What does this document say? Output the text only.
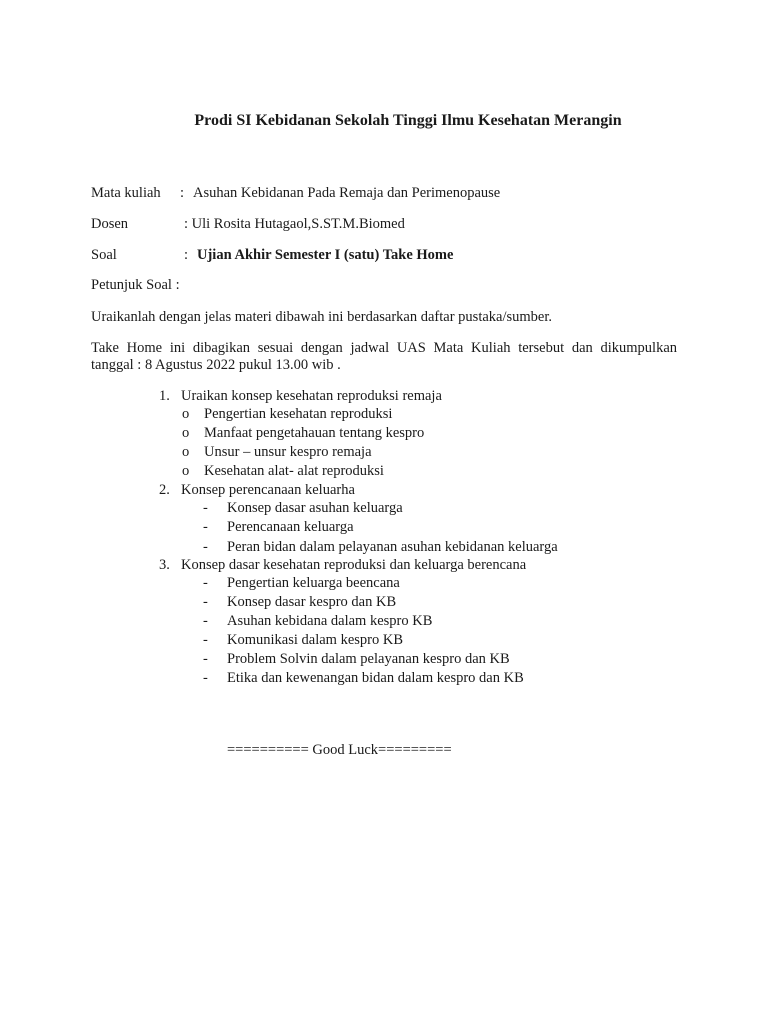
Prodi SI Kebidanan Sekolah Tinggi Ilmu Kesehatan Merangin
Mata kuliah : Asuhan Kebidanan Pada Remaja dan Perimenopause
Dosen	: Uli Rosita Hutagaol,S.ST.M.Biomed
Soal	: Ujian Akhir Semester I (satu) Take Home
Petunjuk Soal :
Uraikanlah dengan jelas materi dibawah ini berdasarkan daftar pustaka/sumber.
Take Home ini dibagikan sesuai dengan jadwal UAS Mata Kuliah tersebut dan dikumpulkan
tanggal : 8 Agustus 2022 pukul 13.00 wib .
1. Uraikan konsep kesehatan reproduksi remaja
o Pengertian kesehatan reproduksi
o Manfaat pengetahauan tentang kespro
o Unsur – unsur kespro remaja
o Kesehatan alat- alat reproduksi
2. Konsep perencanaan keluarha
- Konsep dasar asuhan keluarga
- Perencanaan keluarga
- Peran bidan dalam pelayanan asuhan kebidanan keluarga
3. Konsep dasar kesehatan reproduksi dan keluarga berencana
- Pengertian keluarga beencana
- Konsep dasar kespro dan KB
- Asuhan kebidana dalam kespro KB
- Komunikasi dalam kespro KB
- Problem Solvin dalam pelayanan kespro dan KB
- Etika dan kewenangan bidan dalam kespro dan KB
========== Good Luck=========
